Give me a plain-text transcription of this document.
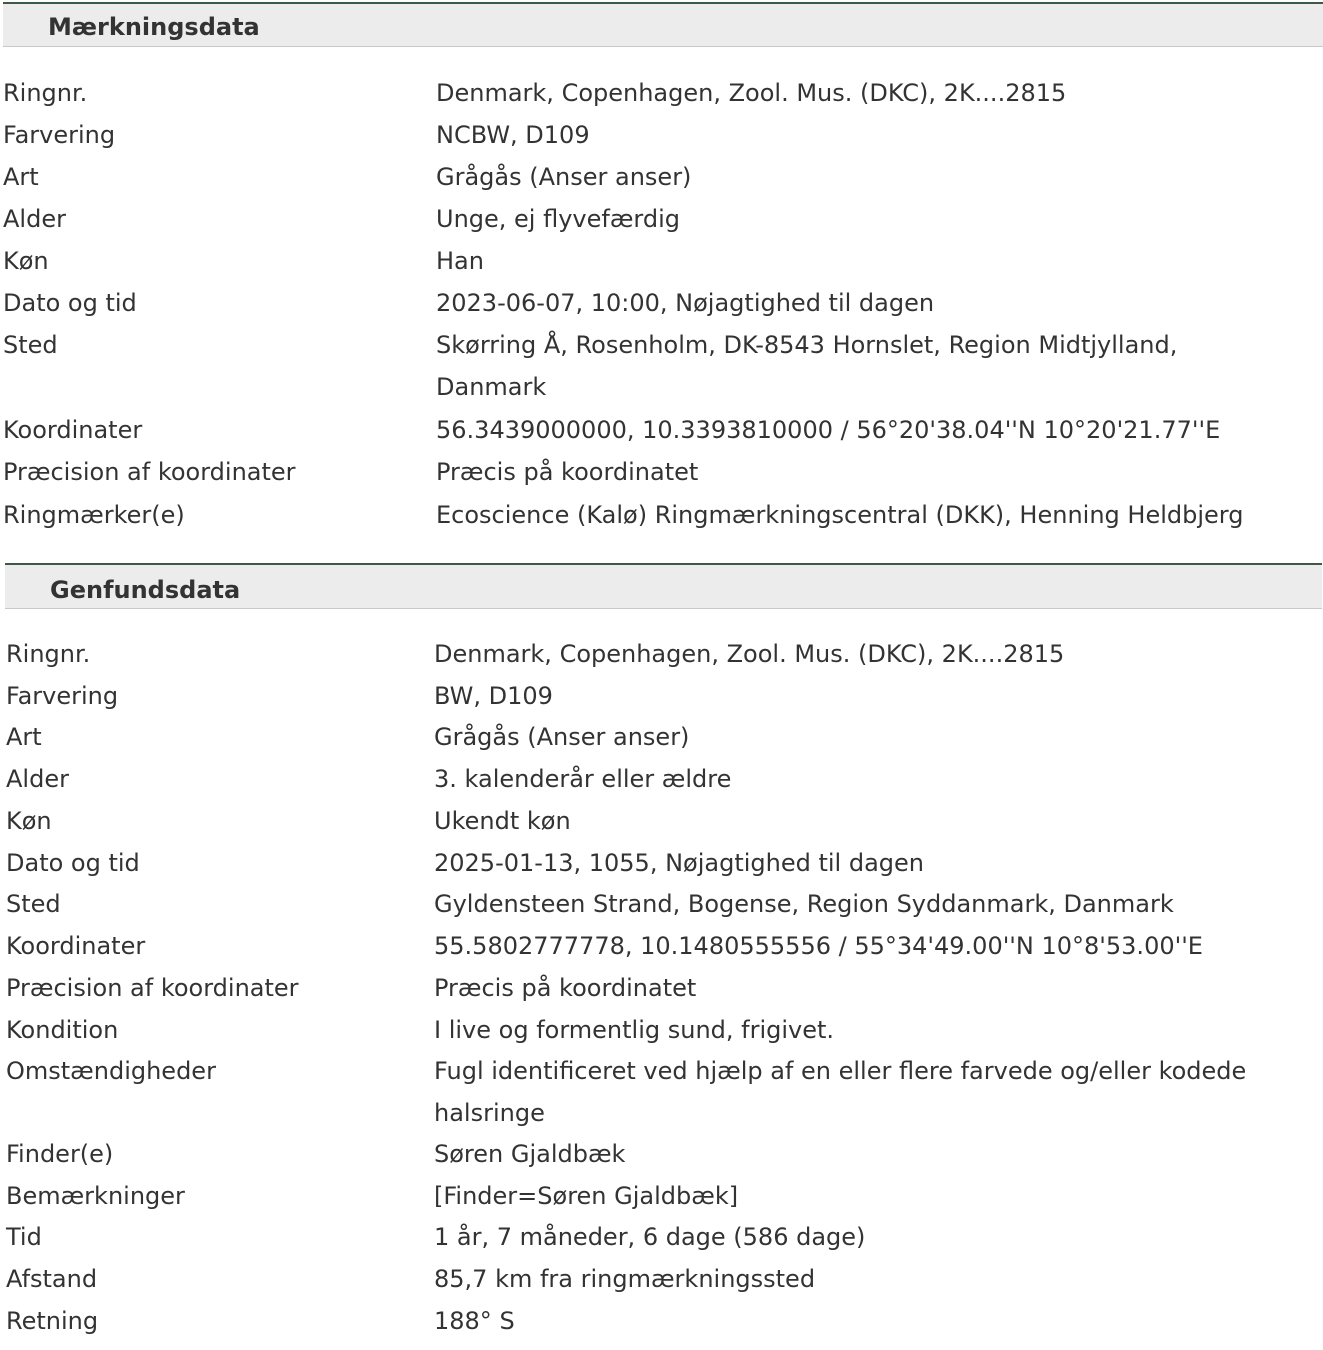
Mærkningsdata
Ringnr.	Denmark, Copenhagen, Zool. Mus. (DKC), 2K....2815
Farvering	NCBW, D109
Art	Grågås (Anser anser)
Alder	Unge, ej flyvefærdig
Køn	Han
Dato og tid	2023-06-07, 10:00, Nøjagtighed til dagen
Sted	Skørring Å, Rosenholm, DK-8543 Hornslet, Region Midtjylland, Danmark
Koordinater	56.3439000000, 10.3393810000 / 56°20'38.04''N 10°20'21.77''E
Præcision af koordinater	Præcis på koordinatet
Ringmærker(e)	Ecoscience (Kalø) Ringmærkningscentral (DKK), Henning Heldbjerg
Genfundsdata
Ringnr.	Denmark, Copenhagen, Zool. Mus. (DKC), 2K....2815
Farvering	BW, D109
Art	Grågås (Anser anser)
Alder	3. kalenderår eller ældre
Køn	Ukendt køn
Dato og tid	2025-01-13, 1055, Nøjagtighed til dagen
Sted	Gyldensteen Strand, Bogense, Region Syddanmark, Danmark
Koordinater	55.5802777778, 10.1480555556 / 55°34'49.00''N 10°8'53.00''E
Præcision af koordinater	Præcis på koordinatet
Kondition	I live og formentlig sund, frigivet.
Omstændigheder	Fugl identificeret ved hjælp af en eller flere farvede og/eller kodede halsringe
Finder(e)	Søren Gjaldbæk
Bemærkninger	[Finder=Søren Gjaldbæk]
Tid	1 år, 7 måneder, 6 dage (586 dage)
Afstand	85,7 km fra ringmærkningssted
Retning	188° S
